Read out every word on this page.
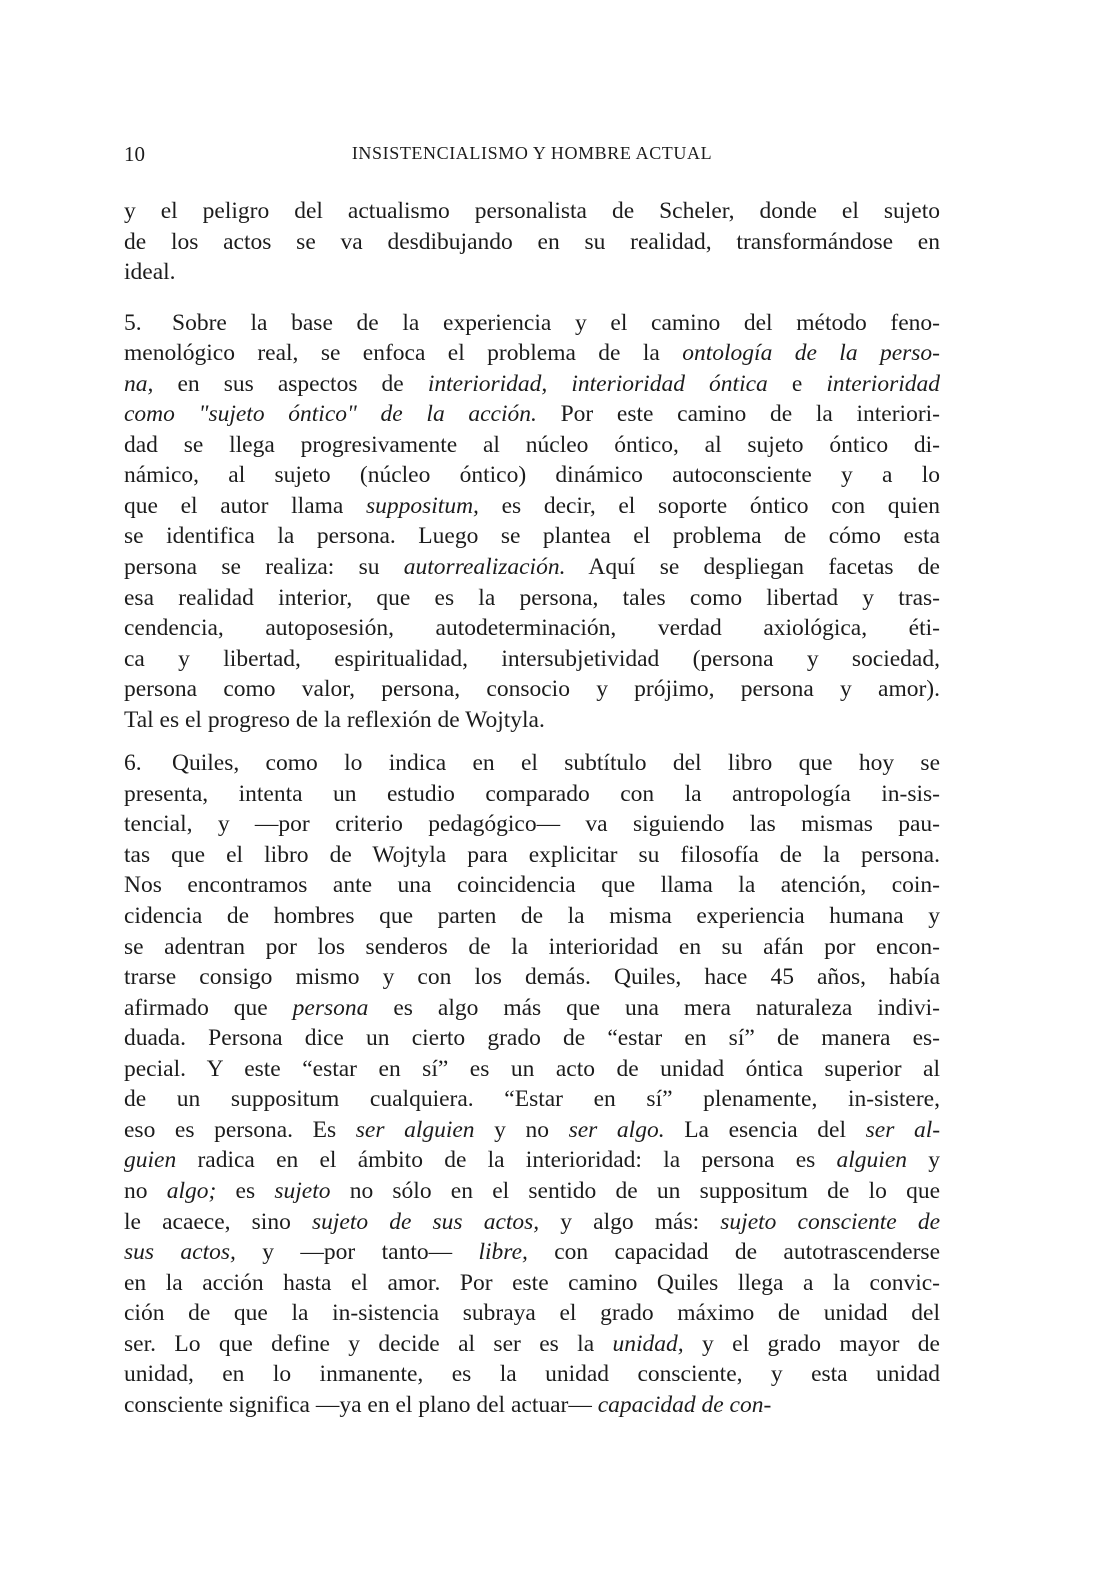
10	INSISTENCIALISMO Y HOMBRE ACTUAL
y el peligro del actualismo personalista de Scheler, donde el sujeto
de los actos se va desdibujando en su realidad, transformándose en
ideal.
5. Sobre la base de la experiencia y el camino del método feno-
menológico real, se enfoca el problema de la ontología de la perso-
na, en sus aspectos de interioridad, interioridad óntica e interioridad
como "sujeto óntico" de la acción. Por este camino de la interiori-
dad se llega progresivamente al núcleo óntico, al sujeto óntico di-
námico, al sujeto (núcleo óntico) dinámico autoconsciente y a lo
que el autor llama suppositum, es decir, el soporte óntico con quien
se identifica la persona. Luego se plantea el problema de cómo esta
persona se realiza: su autorrealización. Aquí se despliegan facetas de
esa realidad interior, que es la persona, tales como libertad y tras-
cendencia, autoposesión, autodeterminación, verdad axiológica, éti-
ca y libertad, espiritualidad, intersubjetividad (persona y sociedad,
persona como valor, persona, consocio y prójimo, persona y amor).
Tal es el progreso de la reflexión de Wojtyla.
6. Quiles, como lo indica en el subtítulo del libro que hoy se
presenta, intenta un estudio comparado con la antropología in-sis-
tencial, y —por criterio pedagógico— va siguiendo las mismas pau-
tas que el libro de Wojtyla para explicitar su filosofía de la persona.
Nos encontramos ante una coincidencia que llama la atención, coin-
cidencia de hombres que parten de la misma experiencia humana y
se adentran por los senderos de la interioridad en su afán por encon-
trarse consigo mismo y con los demás. Quiles, hace 45 años, había
afirmado que persona es algo más que una mera naturaleza indivi-
duada. Persona dice un cierto grado de “estar en sí” de manera es-
pecial. Y este “estar en sí” es un acto de unidad óntica superior al
de un suppositum cualquiera. “Estar en sí” plenamente, in-sistere,
eso es persona. Es ser alguien y no ser algo. La esencia del ser al-
guien radica en el ámbito de la interioridad: la persona es alguien y
no algo; es sujeto no sólo en el sentido de un suppositum de lo que
le acaece, sino sujeto de sus actos, y algo más: sujeto consciente de
sus actos, y —por tanto— libre, con capacidad de autotrascenderse
en la acción hasta el amor. Por este camino Quiles llega a la convic-
ción de que la in-sistencia subraya el grado máximo de unidad del
ser. Lo que define y decide al ser es la unidad, y el grado mayor de
unidad, en lo inmanente, es la unidad consciente, y esta unidad
consciente significa —ya en el plano del actuar— capacidad de con-
